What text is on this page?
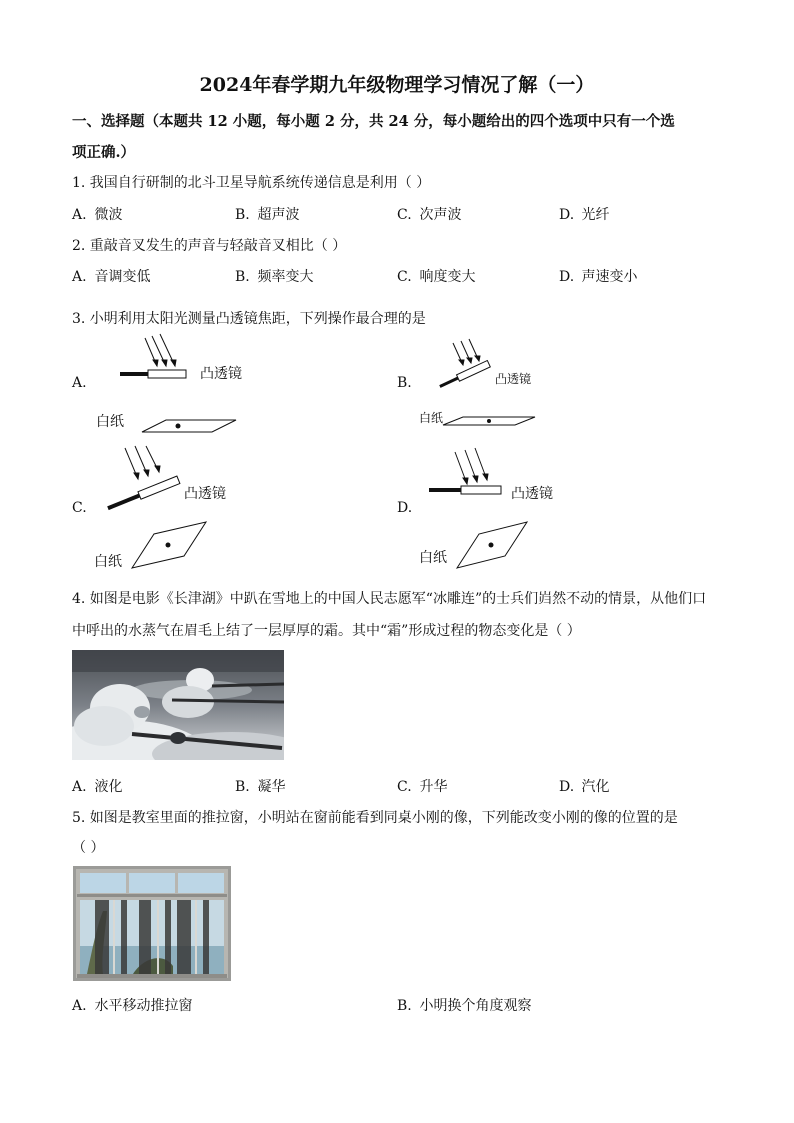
2024年春学期九年级物理学习情况了解（一）
一、选择题（本题共 12 小题，每小题 2 分，共 24 分，每小题给出的四个选项中只有一个选
项正确.）
1. 我国自行研制的北斗卫星导航系统传递信息是利用（ ）
A. 微波	B. 超声波	C. 次声波	D. 光纤
2. 重敲音叉发生的声音与轻敲音叉相比（ ）
A. 音调变低	B. 频率变大	C. 响度变大	D. 声速变小
3. 小明利用太阳光测量凸透镜焦距，下列操作最合理的是
A.
凸透镜
白纸
B.	凸透镜
白纸
C.
凸透镜
白纸
D.
凸透镜
白纸
4. 如图是电影《长津湖》中趴在雪地上的中国人民志愿军“冰雕连”的士兵们岿然不动的情景，从他们口
中呼出的水蒸气在眉毛上结了一层厚厚的霜。其中“霜”形成过程的物态变化是（ ）
A. 液化	B. 凝华	C. 升华	D. 汽化
5. 如图是教室里面的推拉窗，小明站在窗前能看到同桌小刚的像，下列能改变小刚的像的位置的是
（ ）
A. 水平移动推拉窗	B. 小明换个角度观察
